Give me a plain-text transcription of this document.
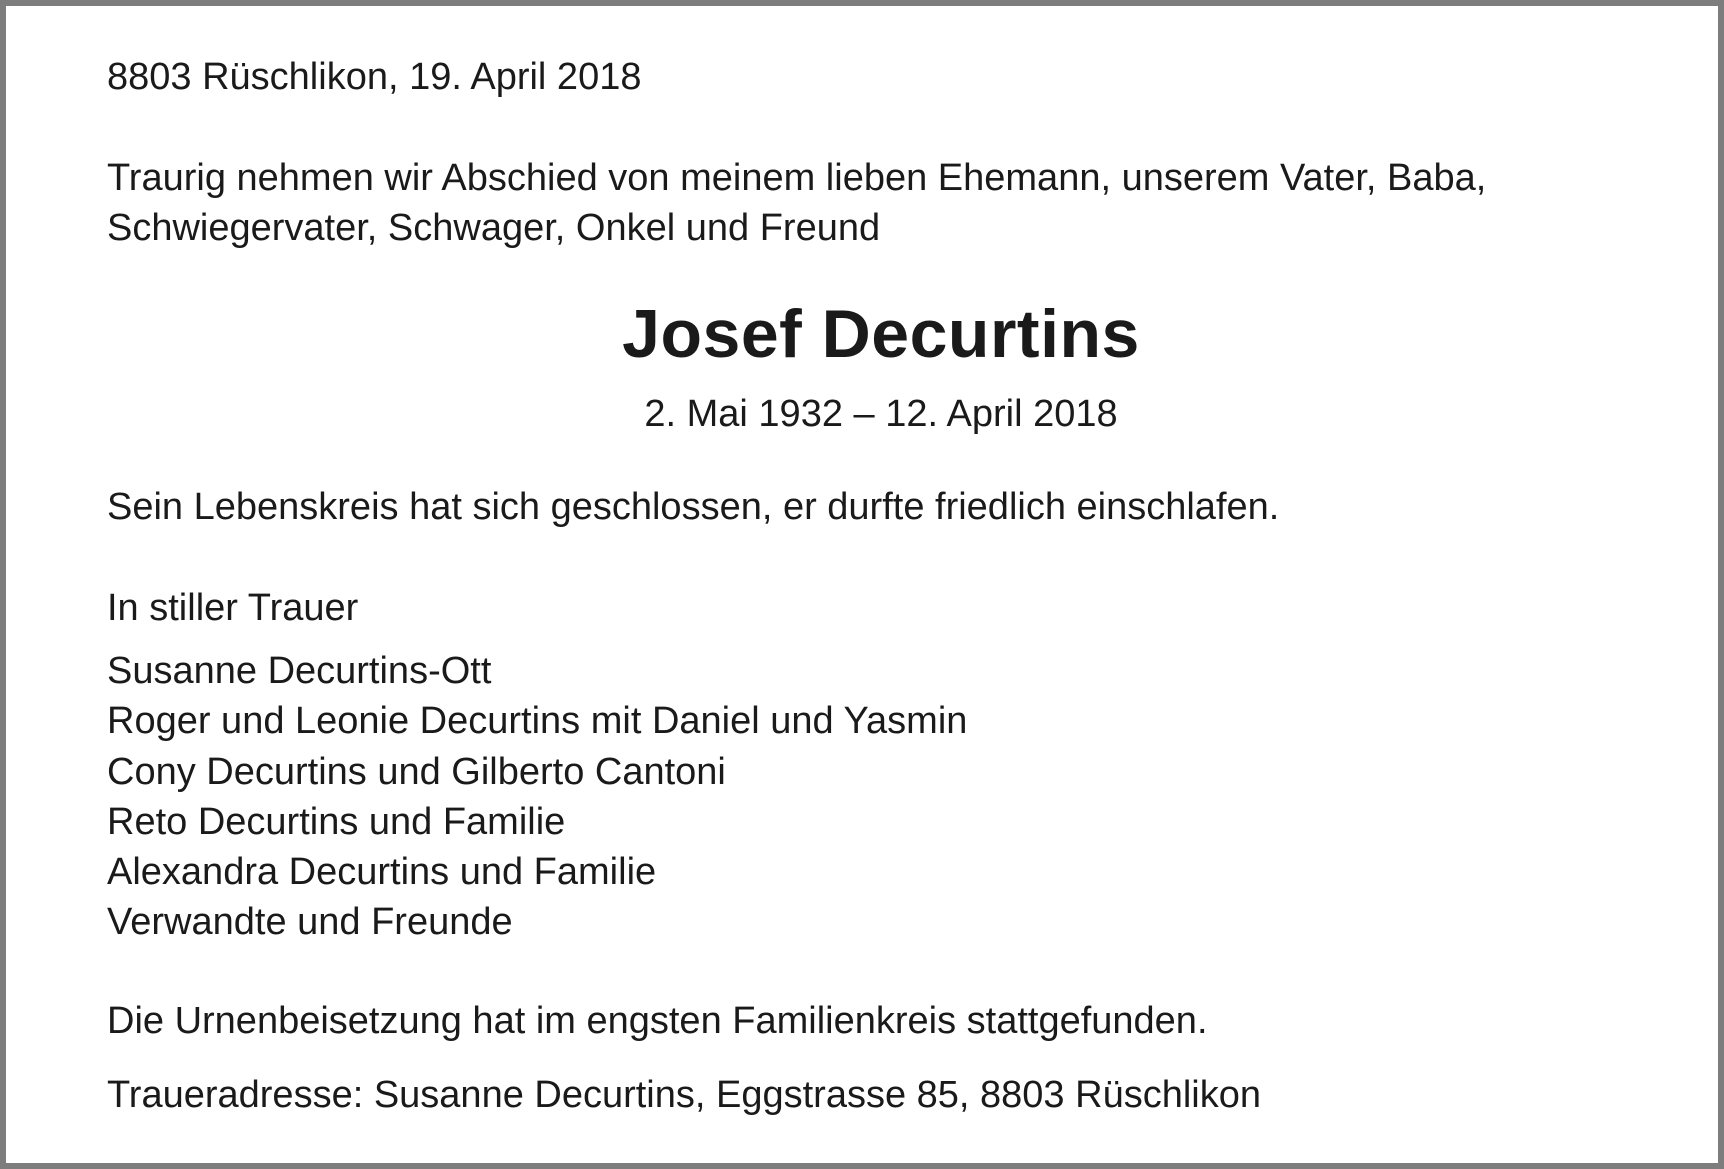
8803 Rüschlikon, 19. April 2018
Traurig nehmen wir Abschied von meinem lieben Ehemann, unserem Vater, Baba,
Schwiegervater, Schwager, Onkel und Freund
Josef Decurtins
2. Mai 1932 – 12. April 2018
Sein Lebenskreis hat sich geschlossen, er durfte friedlich einschlafen.
In stiller Trauer
Susanne Decurtins-Ott
Roger und Leonie Decurtins mit Daniel und Yasmin
Cony Decurtins und Gilberto Cantoni
Reto Decurtins und Familie
Alexandra Decurtins und Familie
Verwandte und Freunde
Die Urnenbeisetzung hat im engsten Familienkreis stattgefunden.
Traueradresse: Susanne Decurtins, Eggstrasse 85, 8803 Rüschlikon
